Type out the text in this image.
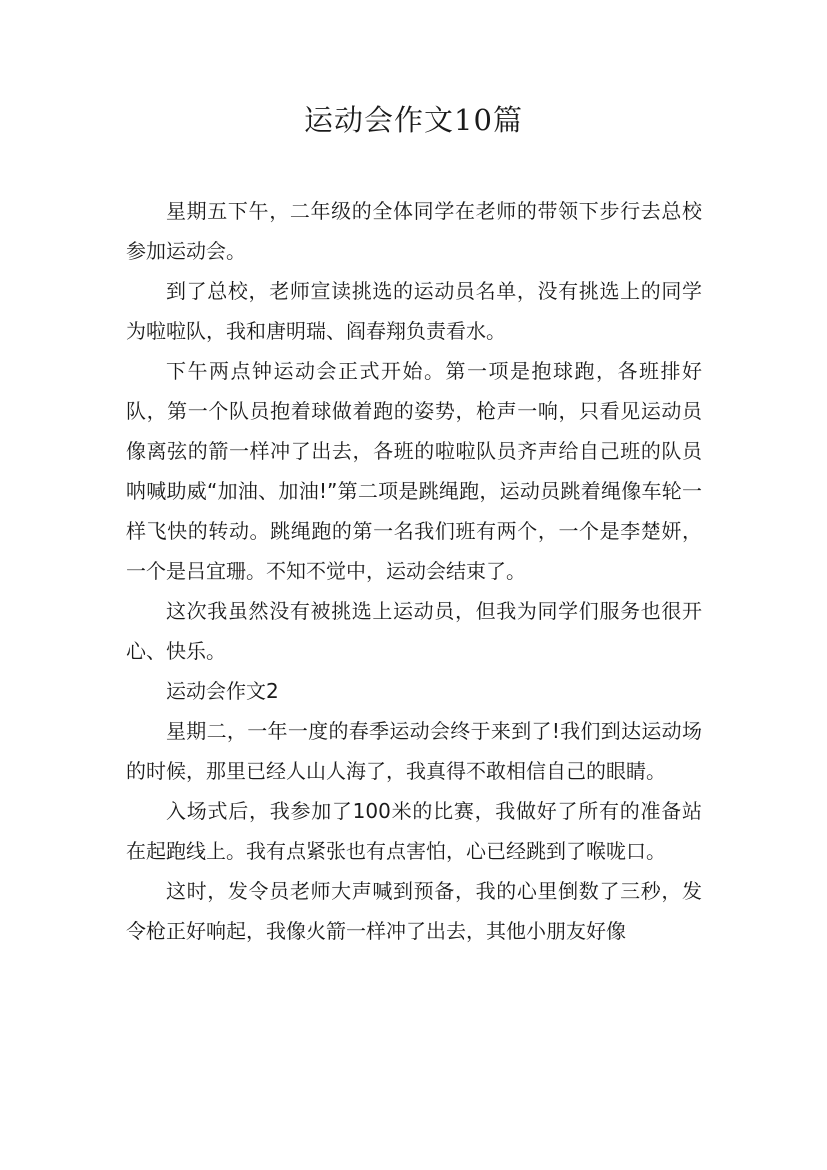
运动会作文10篇

星期五下午，二年级的全体同学在老师的带领下步行去总校参加运动会。

到了总校，老师宣读挑选的运动员名单，没有挑选上的同学为啦啦队，我和唐明瑞、阎春翔负责看水。

下午两点钟运动会正式开始。第一项是抱球跑，各班排好队，第一个队员抱着球做着跑的姿势，枪声一响，只看见运动员像离弦的箭一样冲了出去，各班的啦啦队员齐声给自己班的队员呐喊助威“加油、加油!”第二项是跳绳跑，运动员跳着绳像车轮一样飞快的转动。跳绳跑的第一名我们班有两个，一个是李楚妍，一个是吕宜珊。不知不觉中，运动会结束了。

这次我虽然没有被挑选上运动员，但我为同学们服务也很开心、快乐。

运动会作文2

星期二，一年一度的春季运动会终于来到了!我们到达运动场的时候，那里已经人山人海了，我真得不敢相信自己的眼睛。

入场式后，我参加了100米的比赛，我做好了所有的准备站在起跑线上。我有点紧张也有点害怕，心已经跳到了喉咙口。

这时，发令员老师大声喊到预备，我的心里倒数了三秒，发令枪正好响起，我像火箭一样冲了出去，其他小朋友好像
